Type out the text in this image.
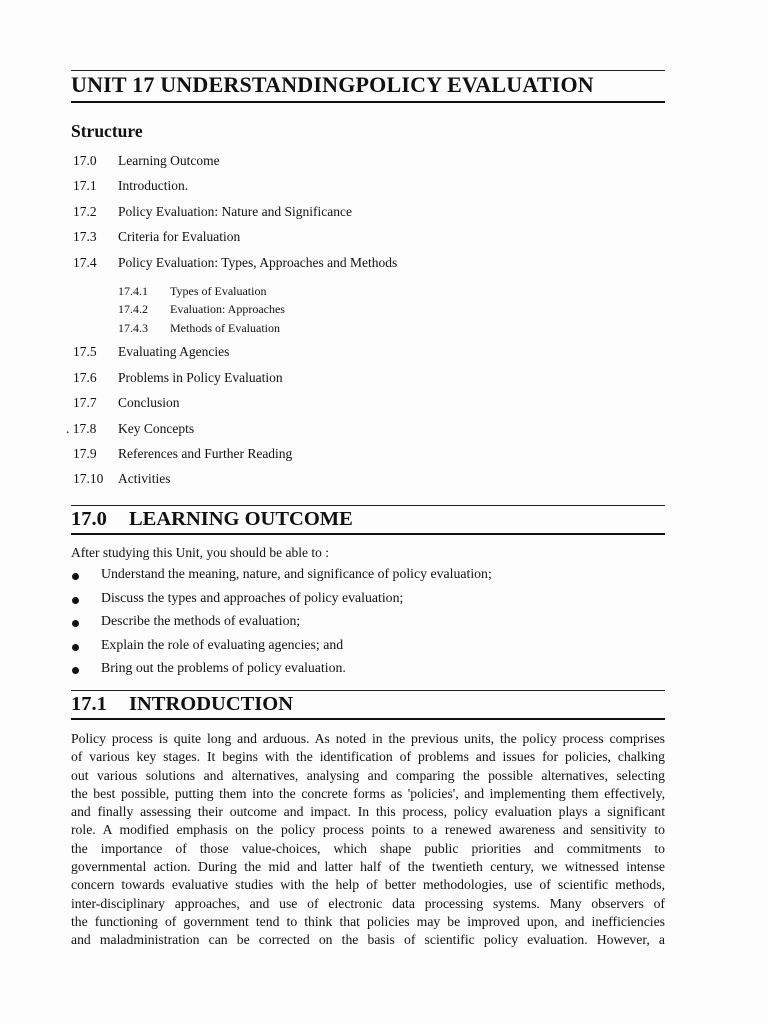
UNIT 17 UNDERSTANDINGPOLICY EVALUATION
Structure
17.0 Learning Outcome
17.1 Introduction.
17.2 Policy Evaluation: Nature and Significance
17.3 Criteria for Evaluation
17.4 Policy Evaluation: Types, Approaches and Methods
17.4.1 Types of Evaluation
17.4.2 Evaluation: Approaches
17.4.3 Methods of Evaluation
17.5 Evaluating Agencies
17.6 Problems in Policy Evaluation
17.7 Conclusion
. 17.8 Key Concepts
17.9 References and Further Reading
17.10 Activities
17.0 LEARNING OUTCOME
After studying this Unit, you should be able to :
Understand the meaning, nature, and significance of policy evaluation;
Discuss the types and approaches of policy evaluation;
Describe the methods of evaluation;
Explain the role of evaluating agencies; and
Bring out the problems of policy evaluation.
17.1 INTRODUCTION
Policy process is quite long and arduous. As noted in the previous units, the policy process comprises
of various key stages. It begins with the identification of problems and issues for policies, chalking
out various solutions and alternatives, analysing and comparing the possible alternatives, selecting
the best possible, putting them into the concrete forms as 'policies', and implementing them effectively,
and finally assessing their outcome and impact. In this process, policy evaluation plays a significant
role. A modified emphasis on the policy process points to a renewed awareness and sensitivity to
the importance of those value-choices, which shape public priorities and commitments to
governmental action. During the mid and latter half of the twentieth century, we witnessed intense
concern towards evaluative studies with the help of better methodologies, use of scientific methods,
inter-disciplinary approaches, and use of electronic data processing systems. Many observers of
the functioning of government tend to think that policies may be improved upon, and inefficiencies
and maladministration can be corrected on the basis of scientific policy evaluation. However, a
